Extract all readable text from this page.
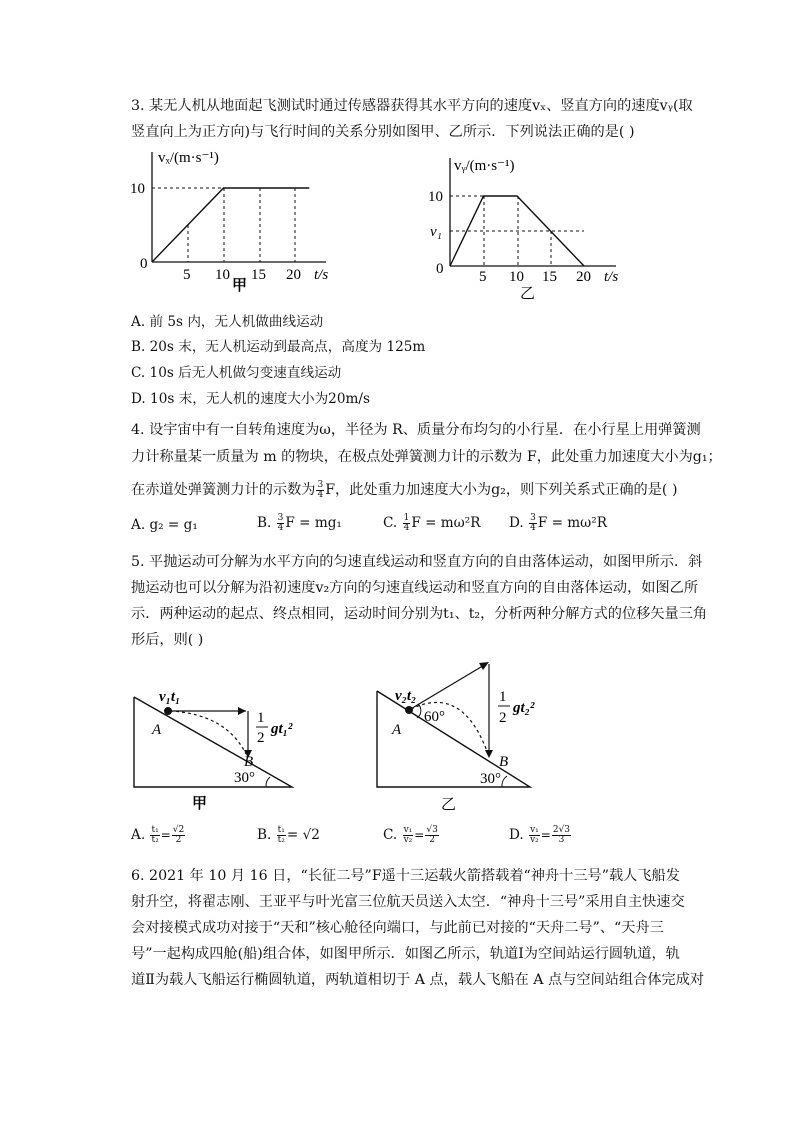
3. 某无人机从地面起飞测试时通过传感器获得其水平方向的速度vₓ、竖直方向的速度vᵧ(取
竖直向上为正方向)与飞行时间的关系分别如图甲、乙所示．下列说法正确的是( )
vₓ/(m·s⁻¹)
10
0
5 10 15 20 t/s
甲
vᵧ/(m·s⁻¹)
10
v₁
0 5 10 15 20 t/s
乙
A. 前 5s 内，无人机做曲线运动
B. 20s 末，无人机运动到最高点，高度为 125m
C. 10s 后无人机做匀变速直线运动
D. 10s 末，无人机的速度大小为20m/s
4. 设宇宙中有一自转角速度为ω，半径为 R、质量分布均匀的小行星．在小行星上用弹簧测
力计称量某一质量为 m 的物块，在极点处弹簧测力计的示数为 F，此处重力加速度大小为g₁；
在赤道处弹簧测力计的示数为 $\frac{3}{4}$ F，此处重力加速度大小为g₂，则下列关系式正确的是( )
A. g₂ = g₁	B. $\frac{3}{4}$ F = mg₁	C. $\frac{1}{4}$ F = mω²R D. $\frac{3}{4}$ F = mω²R
5. 平抛运动可分解为水平方向的匀速直线运动和竖直方向的自由落体运动，如图甲所示．斜
抛运动也可以分解为沿初速度v₂方向的匀速直线运动和竖直方向的自由落体运动，如图乙所
示．两种运动的起点、终点相同，运动时间分别为t₁、t₂，分析两种分解方式的位移矢量三角
形后，则( )
v₁t₁
1
2
gt₁²
A
B
30°
甲
v₂t₂
60°
1
2
gt₂²
A
B
30°
乙
A. $\frac{\text{t₁}}{\text{t₂}} = \frac{√2}{2}$	B. $\frac{\text{t₁}}{\text{t₂}} = √2$	C. $\frac{\text{v₁}}{\text{v₂}} = \frac{√3}{2}$	D. $\frac{\text{v₁}}{\text{v₂}} = \frac{2√3}{3}$
6. 2021 年 10 月 16 日，“长征二号”F遥十三运载火箭搭载着“神舟十三号”载人飞船发
射升空，将翟志刚、王亚平与叶光富三位航天员送入太空．“神舟十三号”采用自主快速交
会对接模式成功对接于“天和”核心舱径向端口，与此前已对接的“天舟二号”、“天舟三
号”一起构成四舱(船)组合体，如图甲所示．如图乙所示，轨道Ⅰ为空间站运行圆轨道，轨
道Ⅱ为载人飞船运行椭圆轨道，两轨道相切于 A 点，载人飞船在 A 点与空间站组合体完成对
